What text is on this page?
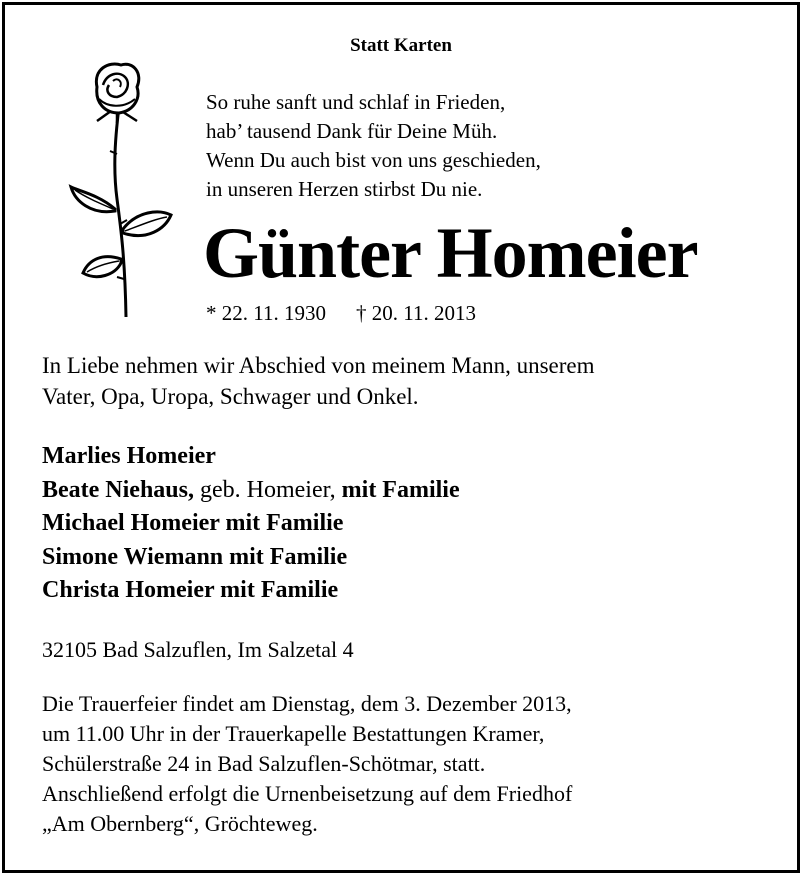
Statt Karten
So ruhe sanft und schlaf in Frieden,
hab’ tausend Dank für Deine Müh.
Wenn Du auch bist von uns geschieden,
in unseren Herzen stirbst Du nie.
Günter Homeier
* 22. 11. 1930 † 20. 11. 2013
In Liebe nehmen wir Abschied von meinem Mann, unserem
Vater, Opa, Uropa, Schwager und Onkel.
Marlies Homeier
Beate Niehaus, geb. Homeier, mit Familie
Michael Homeier mit Familie
Simone Wiemann mit Familie
Christa Homeier mit Familie
32105 Bad Salzuflen, Im Salzetal 4
Die Trauerfeier findet am Dienstag, dem 3. Dezember 2013,
um 11.00 Uhr in der Trauerkapelle Bestattungen Kramer,
Schülerstraße 24 in Bad Salzuflen-Schötmar, statt.
Anschließend erfolgt die Urnenbeisetzung auf dem Friedhof
„Am Obernberg“, Gröchteweg.
